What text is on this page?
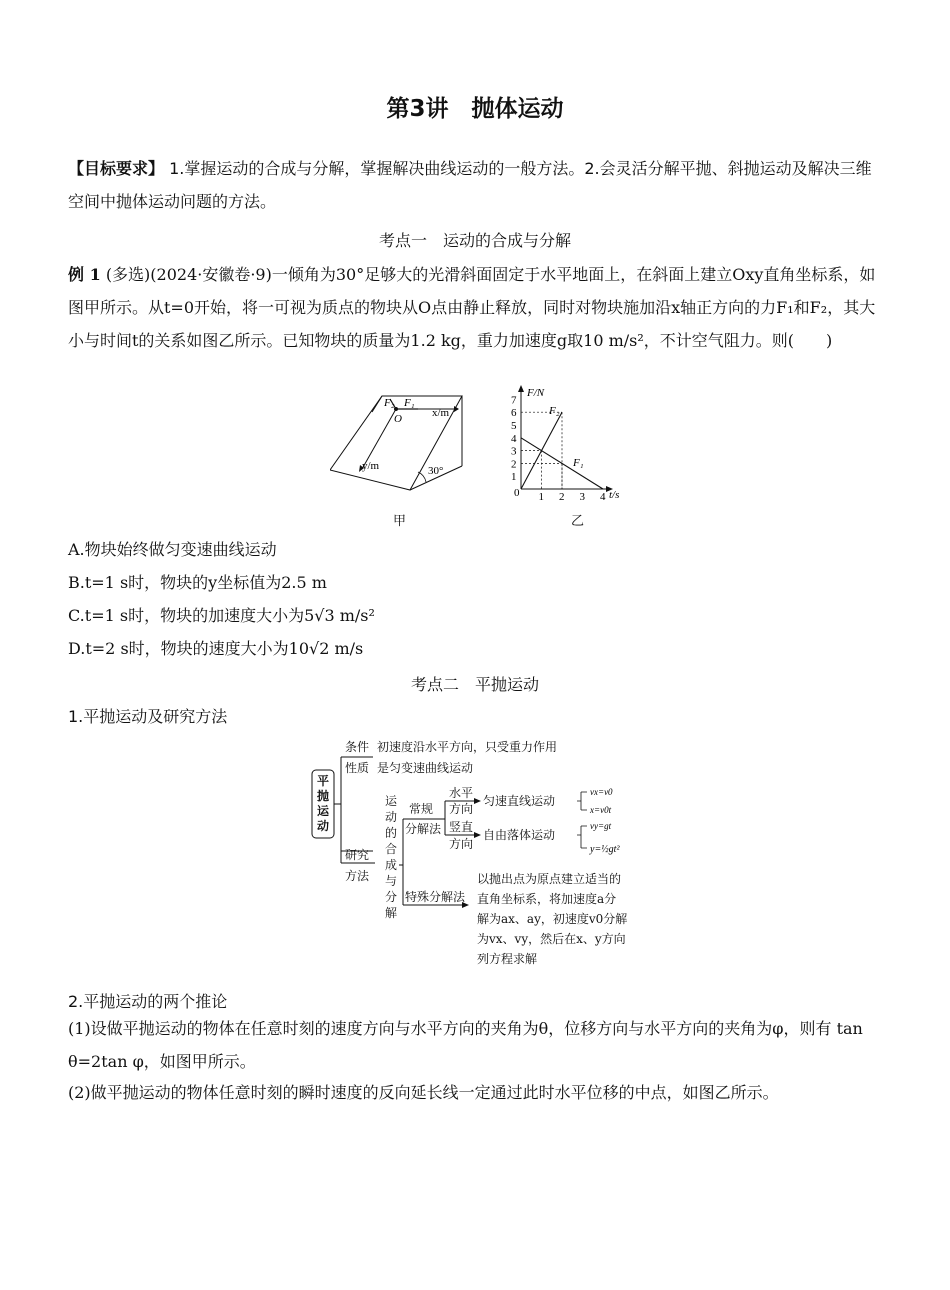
第3讲　抛体运动
【目标要求】 1.掌握运动的合成与分解，掌握解决曲线运动的一般方法。2.会灵活分解平抛、斜抛运动及解决三维空间中抛体运动问题的方法。
考点一　运动的合成与分解
例 1 (多选)(2024·安徽卷·9)一倾角为30°足够大的光滑斜面固定于水平地面上，在斜面上建立Oxy直角坐标系，如图甲所示。从t=0开始，将一可视为质点的物块从O点由静止释放，同时对物块施加沿x轴正方向的力F₁和F₂，其大小与时间t的关系如图乙所示。已知物块的质量为1.2 kg，重力加速度g取10 m/s²，不计空气阻力。则(　　)
F₂ F₁
O	x/m
y/m	30°
甲
1
2
3
4
5
6
7
1 2 3 4
F/N
t/s
0
F₂
F₁
乙
A.物块始终做匀变速曲线运动
B.t=1 s时，物块的y坐标值为2.5 m
C.t=1 s时，物块的加速度大小为5√3 m/s²
D.t=2 s时，物块的速度大小为10√2 m/s
考点二　平抛运动
1.平抛运动及研究方法
平
抛
运
动
条件
性质
初速度沿水平方向，只受重力作用
是匀变速曲线运动
研究
方法
运
动
的
合
成
与
分
解
常规
分解法
特殊分解法
水平
方向
竖直
方向
匀速直线运动
自由落体运动
vx=v0
x=v0t
vy=gt
y=½gt²
以抛出点为原点建立适当的
直角坐标系，将加速度a分
解为ax、ay，初速度v0分解
为vx、vy，然后在x、y方向
列方程求解
2.平抛运动的两个推论
(1)设做平抛运动的物体在任意时刻的速度方向与水平方向的夹角为θ，位移方向与水平方向的夹角为φ，则有 tan θ=2tan φ，如图甲所示。
(2)做平抛运动的物体任意时刻的瞬时速度的反向延长线一定通过此时水平位移的中点，如图乙所示。
